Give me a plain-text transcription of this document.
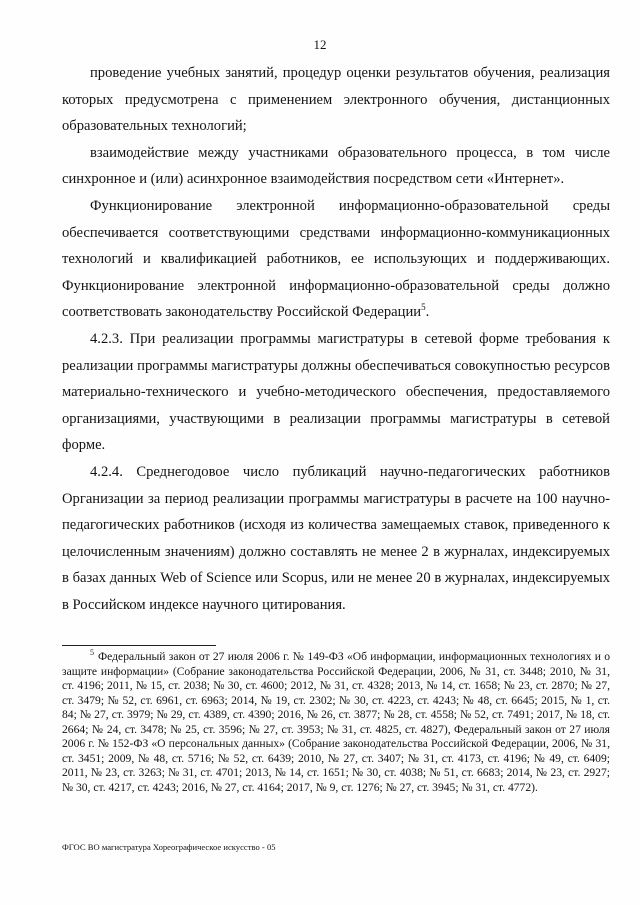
12

проведение учебных занятий, процедур оценки результатов обучения, реализация которых предусмотрена с применением электронного обучения, дистанционных образовательных технологий;

взаимодействие между участниками образовательного процесса, в том числе синхронное и (или) асинхронное взаимодействия посредством сети «Интернет».

Функционирование электронной информационно-образовательной среды обеспечивается соответствующими средствами информационно-коммуникационных технологий и квалификацией работников, ее использующих и поддерживающих. Функционирование электронной информационно-образовательной среды должно соответствовать законодательству Российской Федерации$^5$.

4.2.3. При реализации программы магистратуры в сетевой форме требования к реализации программы магистратуры должны обеспечиваться совокупностью ресурсов материально-технического и учебно-методического обеспечения, предоставляемого организациями, участвующими в реализации программы магистратуры в сетевой форме.

4.2.4. Среднегодовое число публикаций научно-педагогических работников Организации за период реализации программы магистратуры в расчете на 100 научно-педагогических работников (исходя из количества замещаемых ставок, приведенного к целочисленным значениям) должно составлять не менее 2 в журналах, индексируемых в базах данных Web of Science или Scopus, или не менее 20 в журналах, индексируемых в Российском индексе научного цитирования.

$^5$ Федеральный закон от 27 июля 2006 г. № 149-ФЗ «Об информации, информационных технологиях и о защите информации» (Собрание законодательства Российской Федерации, 2006, № 31, ст. 3448; 2010, № 31, ст. 4196; 2011, № 15, ст. 2038; № 30, ст. 4600; 2012, № 31, ст. 4328; 2013, № 14, ст. 1658; № 23, ст. 2870; № 27, ст. 3479; № 52, ст. 6961, ст. 6963; 2014, № 19, ст. 2302; № 30, ст. 4223, ст. 4243; № 48, ст. 6645; 2015, № 1, ст. 84; № 27, ст. 3979; № 29, ст. 4389, ст. 4390; 2016, № 26, ст. 3877; № 28, ст. 4558; № 52, ст. 7491; 2017, № 18, ст. 2664; № 24, ст. 3478; № 25, ст. 3596; № 27, ст. 3953; № 31, ст. 4825, ст. 4827), Федеральный закон от 27 июля 2006 г. № 152-ФЗ «О персональных данных» (Собрание законодательства Российской Федерации, 2006, № 31, ст. 3451; 2009, № 48, ст. 5716; № 52, ст. 6439; 2010, № 27, ст. 3407; № 31, ст. 4173, ст. 4196; № 49, ст. 6409; 2011, № 23, ст. 3263; № 31, ст. 4701; 2013, № 14, ст. 1651; № 30, ст. 4038; № 51, ст. 6683; 2014, № 23, ст. 2927; № 30, ст. 4217, ст. 4243; 2016, № 27, ст. 4164; 2017, № 9, ст. 1276; № 27, ст. 3945; № 31, ст. 4772).

ФГОС ВО магистратура Хореографическое искусство - 05
